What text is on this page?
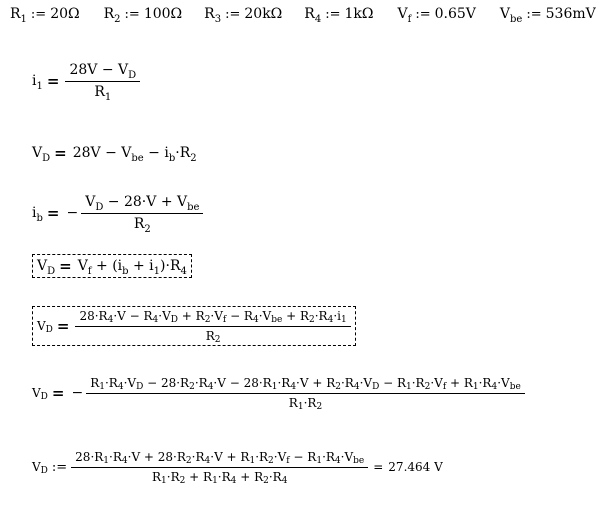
R 1 := 20Ω R 2 := 100Ω R 3 := 20kΩ R 4 := 1kΩ V f := 0.65V V be := 536mV
i $1 = \frac{\text{28V − V D}}{R 1}$
V D = 28V − V be − i b ·R 2
i b = − $\frac{\text{V D − 28·V + V be}}{R 2}$
V D = V f + (i b + i 1 )·R 4
V $D = \frac{\text{28·R 4 ·V − R 4 ·V D + R 2 ·V f − R 4 ·V be + R 2 ·R 4 ·i 1}}{R 2}$
V D = −
R 1 ·R 4 ·V D − 28·R 2 ·R 4 ·V − 28·R 1 ·R 4 ·V + R 2 ·R 4 ·V D − R 1 ·R 2 ·V f + R 1 ·R 4 ·V be
R 1 ·R 2
V D := $\frac{\text{28·R 1 ·R 4 ·V + 28·R 2 ·R 4 ·V + R 1 ·R 2 ·V f − R 1 ·R 4 ·V be}}{R 1 \cdot R 2 + R 1 \cdot R 4 + R 2 \cdot R 4} = 27.464$ V
